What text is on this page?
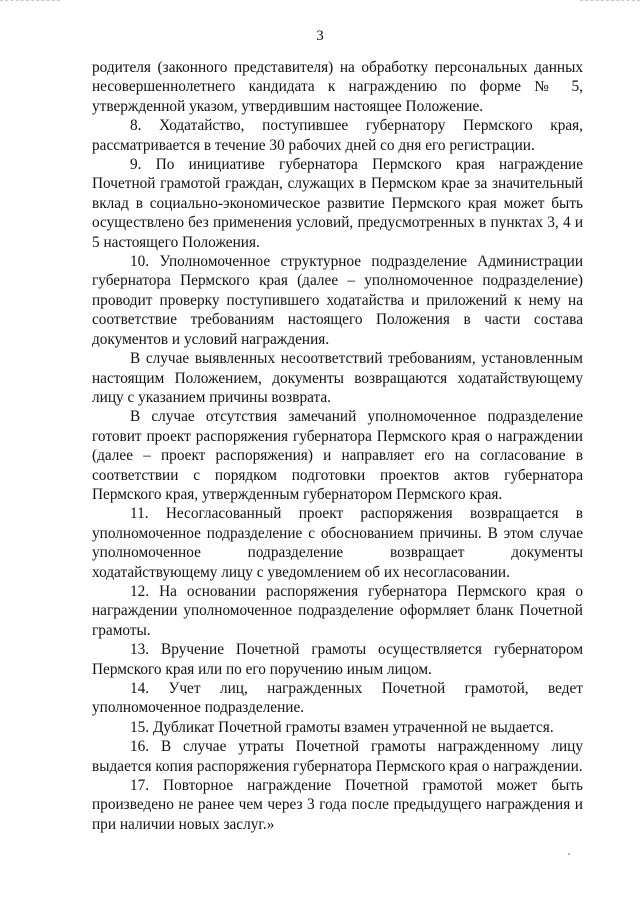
3

родителя (законного представителя) на обработку персональных данных несовершеннолетнего кандидата к награждению по форме № 5, утвержденной указом, утвердившим настоящее Положение.

8. Ходатайство, поступившее губернатору Пермского края, рассматривается в течение 30 рабочих дней со дня его регистрации.

9. По инициативе губернатора Пермского края награждение Почетной грамотой граждан, служащих в Пермском крае за значительный вклад в социально-экономическое развитие Пермского края может быть осуществлено без применения условий, предусмотренных в пунктах 3, 4 и 5 настоящего Положения.

10. Уполномоченное структурное подразделение Администрации губернатора Пермского края (далее – уполномоченное подразделение) проводит проверку поступившего ходатайства и приложений к нему на соответствие требованиям настоящего Положения в части состава документов и условий награждения.

В случае выявленных несоответствий требованиям, установленным настоящим Положением, документы возвращаются ходатайствующему лицу с указанием причины возврата.

В случае отсутствия замечаний уполномоченное подразделение готовит проект распоряжения губернатора Пермского края о награждении (далее – проект распоряжения) и направляет его на согласование в соответствии с порядком подготовки проектов актов губернатора Пермского края, утвержденным губернатором Пермского края.

11. Несогласованный проект распоряжения возвращается в уполномоченное подразделение с обоснованием причины. В этом случае уполномоченное подразделение возвращает документы ходатайствующему лицу с уведомлением об их несогласовании.

12. На основании распоряжения губернатора Пермского края о награждении уполномоченное подразделение оформляет бланк Почетной грамоты.

13. Вручение Почетной грамоты осуществляется губернатором Пермского края или по его поручению иным лицом.

14. Учет лиц, награжденных Почетной грамотой, ведет уполномоченное подразделение.

15. Дубликат Почетной грамоты взамен утраченной не выдается.

16. В случае утраты Почетной грамоты награжденному лицу выдается копия распоряжения губернатора Пермского края о награждении.

17. Повторное награждение Почетной грамотой может быть произведено не ранее чем через 3 года после предыдущего награждения и при наличии новых заслуг.»
